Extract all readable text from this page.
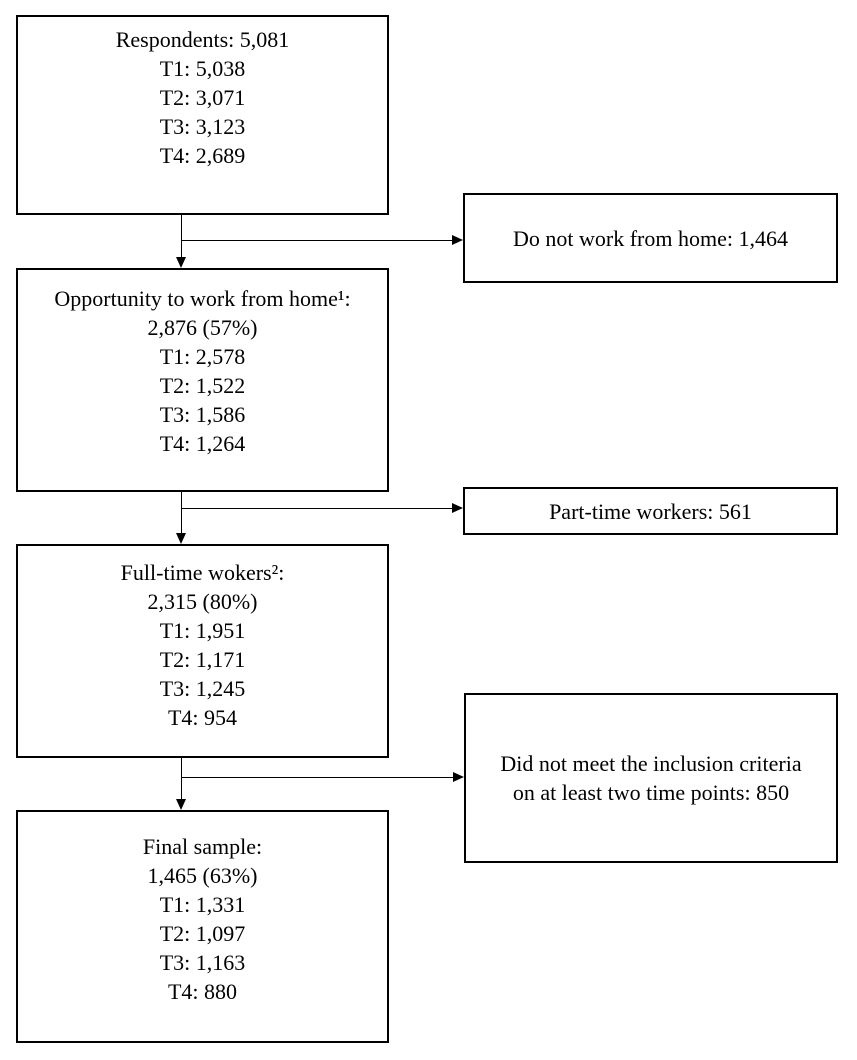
Respondents: 5,081
T1: 5,038
T2: 3,071
T3: 3,123
T4: 2,689
Opportunity to work from home¹:
2,876 (57%)
T1: 2,578
T2: 1,522
T3: 1,586
T4: 1,264
Full-time wokers²:
2,315 (80%)
T1: 1,951
T2: 1,171
T3: 1,245
T4: 954
Final sample:
1,465 (63%)
T1: 1,331
T2: 1,097
T3: 1,163
T4: 880
Do not work from home: 1,464
Part-time workers: 561
Did not meet the inclusion criteria
on at least two time points: 850
